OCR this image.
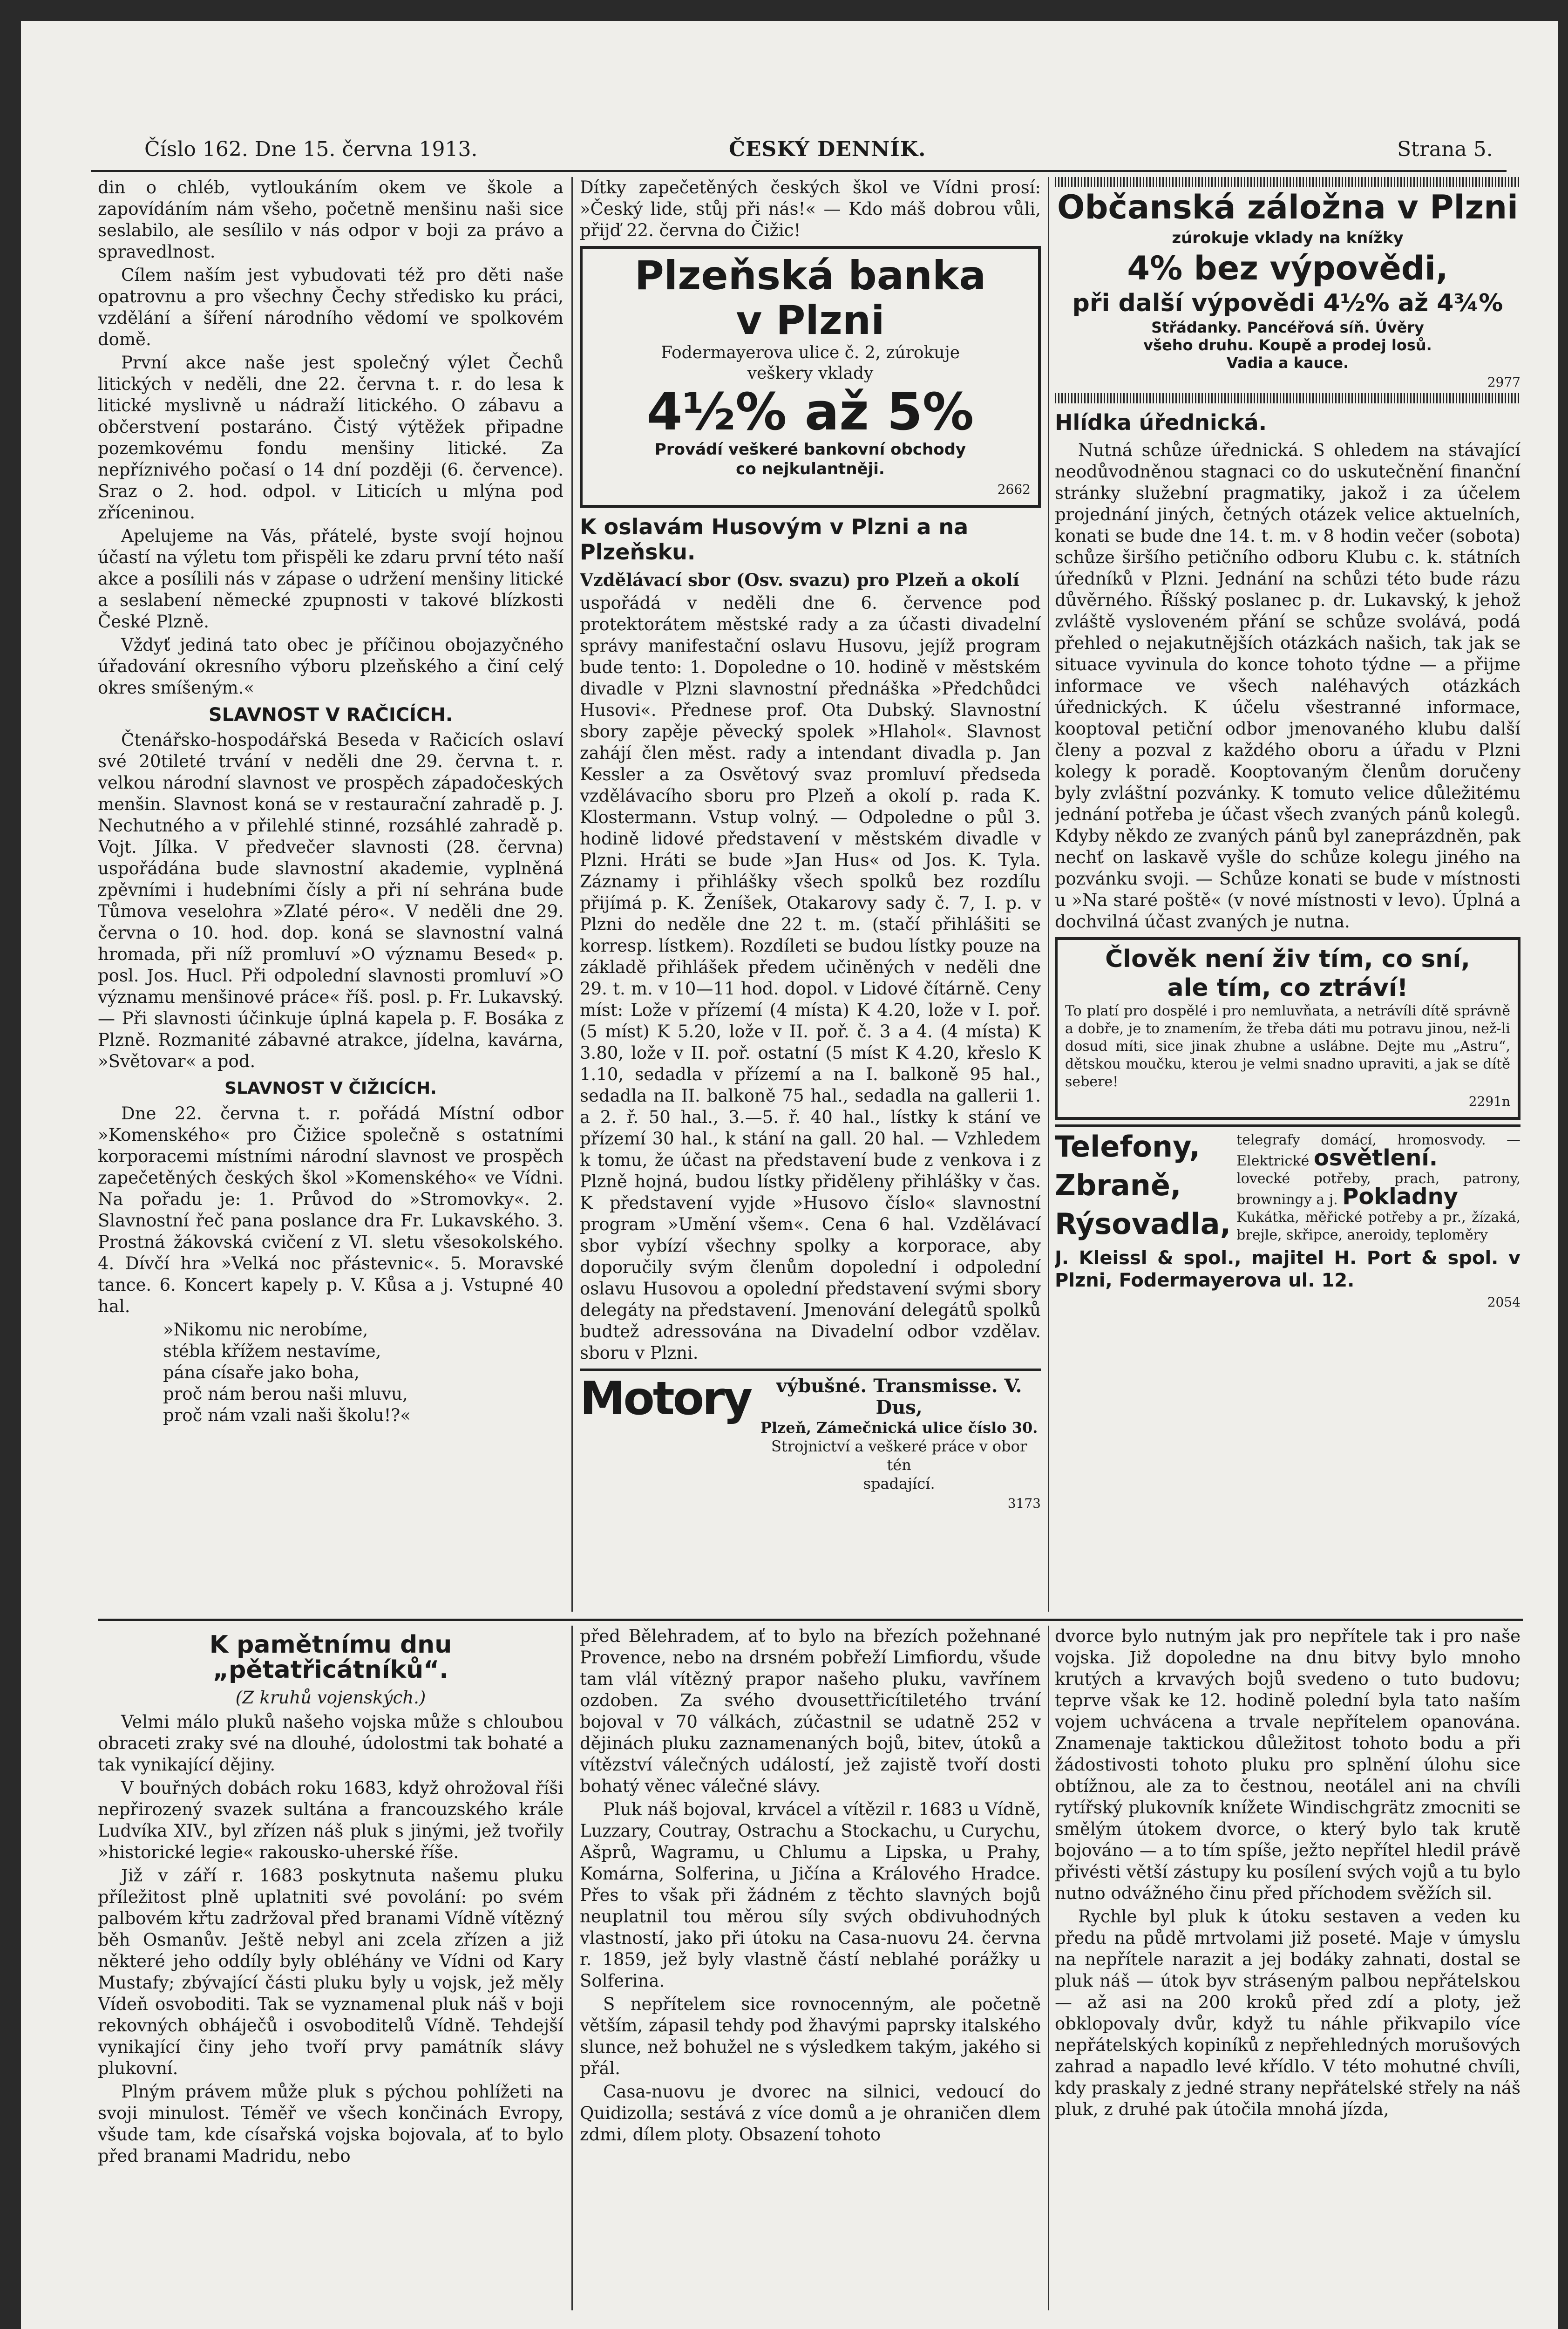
Číslo 162. Dne 15. června 1913.	ČESKÝ DENNÍK.	Strana 5.

din o chléb, vytloukáním okem ve škole a zapovídáním nám všeho, početně menšinu naši sice seslabilo, ale sesílilo v nás odpor v boji za právo a spravedlnost.

Cílem naším jest vybudovati též pro děti naše opatrovnu a pro všechny Čechy středisko ku práci, vzdělání a šíření národního vědomí ve spolkovém domě.

První akce naše jest společný výlet Čechů litických v neděli, dne 22. června t. r. do lesa k litické myslivně u nádraží litického. O zábavu a občerstvení postaráno. Čistý výtěžek připadne pozemkovému fondu menšiny litické. Za nepříznivého počasí o 14 dní později (6. července). Sraz o 2. hod. odpol. v Liticích u mlýna pod zříceninou.

Apelujeme na Vás, přátelé, byste svojí hojnou účastí na výletu tom přispěli ke zdaru první této naší akce a posílili nás v zápase o udržení menšiny litické a seslabení německé zpupnosti v takové blízkosti České Plzně.

Vždyť jediná tato obec je příčinou obojazyčného úřadování okresního výboru plzeňského a činí celý okres smíšeným.«

SLAVNOST V RAČICÍCH.

Čtenářsko-hospodářská Beseda v Račicích oslaví své 20tileté trvání v neděli dne 29. června t. r. velkou národní slavnost ve prospěch západočeských menšin. Slavnost koná se v restaurační zahradě p. J. Nechutného a v přilehlé stinné, rozsáhlé zahradě p. Vojt. Jílka. V předvečer slavnosti (28. června) uspořádána bude slavnostní akademie, vyplněná zpěvními i hudebními čísly a při ní sehrána bude Tůmova veselohra »Zlaté péro«. V neděli dne 29. června o 10. hod. dop. koná se slavnostní valná hromada, při níž promluví »O významu Besed« p. posl. Jos. Hucl. Při odpolední slavnosti promluví »O významu menšinové práce« říš. posl. p. Fr. Lukavský. — Při slavnosti účinkuje úplná kapela p. F. Bosáka z Plzně. Rozmanité zábavné atrakce, jídelna, kavárna, »Světovar« a pod.

SLAVNOST V ČIŽICÍCH.

Dne 22. června t. r. pořádá Místní odbor »Komenského« pro Čižice společně s ostatními korporacemi místními národní slavnost ve prospěch zapečetěných českých škol »Komenského« ve Vídni. Na pořadu je: 1. Průvod do »Stromovky«. 2. Slavnostní řeč pana poslance dra Fr. Lukavského. 3. Prostná žákovská cvičení z VI. sletu všesokolského. 4. Dívčí hra »Velká noc přástevnic«. 5. Moravské tance. 6. Koncert kapely p. V. Kůsa a j. Vstupné 40 hal.

»Nikomu nic nerobíme,
stébla křížem nestavíme,
pána císaře jako boha,
proč nám berou naši mluvu,
proč nám vzali naši školu!?«

Dítky zapečetěných českých škol ve Vídni prosí: »Český lide, stůj při nás!« — Kdo máš dobrou vůli, přijď 22. června do Čižic!

Plzeňská banka
v Plzni
Fodermayerova ulice č. 2, zúrokuje
veškery vklady
4½% až 5%
Provádí veškeré bankovní obchody
co nejkulantněji.
2662
K oslavám Husovým v Plzni a na Plzeňsku.

Vzdělávací sbor (Osv. svazu) pro Plzeň a okolí

uspořádá v neděli dne 6. července pod protektorátem městské rady a za účasti divadelní správy manifestační oslavu Husovu, jejíž program bude tento: 1. Dopoledne o 10. hodině v městském divadle v Plzni slavnostní přednáška »Předchůdci Husovi«. Přednese prof. Ota Dubský. Slavnostní sbory zapěje pěvecký spolek »Hlahol«. Slavnost zahájí člen měst. rady a intendant divadla p. Jan Kessler a za Osvětový svaz promluví předseda vzdělávacího sboru pro Plzeň a okolí p. rada K. Klostermann. Vstup volný. — Odpoledne o půl 3. hodině lidové představení v městském divadle v Plzni. Hráti se bude »Jan Hus« od Jos. K. Tyla. Záznamy i přihlášky všech spolků bez rozdílu přijímá p. K. Ženíšek, Otakarovy sady č. 7, I. p. v Plzni do neděle dne 22 t. m. (stačí přihlášiti se korresp. lístkem). Rozdíleti se budou lístky pouze na základě přihlášek předem učiněných v neděli dne 29. t. m. v 10—11 hod. dopol. v Lidové čítárně. Ceny míst: Lože v přízemí (4 místa) K 4.20, lože v I. poř. (5 míst) K 5.20, lože v II. poř. č. 3 a 4. (4 místa) K 3.80, lože v II. poř. ostatní (5 míst K 4.20, křeslo K 1.10, sedadla v přízemí a na I. balkoně 95 hal., sedadla na II. balkoně 75 hal., sedadla na gallerii 1. a 2. ř. 50 hal., 3.—5. ř. 40 hal., lístky k stání ve přízemí 30 hal., k stání na gall. 20 hal. — Vzhledem k tomu, že účast na představení bude z venkova i z Plzně hojná, budou lístky přiděleny přihlášky v čas. K představení vyjde »Husovo číslo« slavnostní program »Umění všem«. Cena 6 hal. Vzdělávací sbor vybízí všechny spolky a korporace, aby doporučily svým členům dopolední i odpolední oslavu Husovou a opolední představení svými sbory delegáty na představení. Jmenování delegátů spolků budtež adressována na Divadelní odbor vzdělav. sboru v Plzni.

Motory	výbušné. Transmisse. V. Dus,
Plzeň, Zámečnická ulice číslo 30.
Strojnictví a veškeré práce v obor tén
spadající.
3173
Občanská záložna v Plzni
zúrokuje vklady na knížky
4% bez výpovědi,
při další výpovědi 4½% až 4¾%
Střádanky. Pancéřová síň. Úvěry
všeho druhu. Koupě a prodej losů.
Vadia a kauce.
2977
Hlídka úřednická.

Nutná schůze úřednická. S ohledem na stávající neodůvodněnou stagnaci co do uskutečnění finanční stránky služební pragmatiky, jakož i za účelem projednání jiných, četných otázek velice aktuelních, konati se bude dne 14. t. m. v 8 hodin večer (sobota) schůze širšího petičního odboru Klubu c. k. státních úředníků v Plzni. Jednání na schůzi této bude rázu důvěrného. Říšský poslanec p. dr. Lukavský, k jehož zvláště vysloveném přání se schůze svolává, podá přehled o nejakutnějších otázkách našich, tak jak se situace vyvinula do konce tohoto týdne — a přijme informace ve všech naléhavých otázkách úřednických. K účelu všestranné informace, kooptoval petiční odbor jmenovaného klubu další členy a pozval z každého oboru a úřadu v Plzni kolegy k poradě. Kooptovaným členům doručeny byly zvláštní pozvánky. K tomuto velice důležitému jednání potřeba je účast všech zvaných pánů kolegů. Kdyby někdo ze zvaných pánů byl zaneprázdněn, pak nechť on laskavě vyšle do schůze kolegu jiného na pozvánku svoji. — Schůze konati se bude v místnosti u »Na staré poště« (v nové místnosti v levo). Úplná a dochvilná účast zvaných je nutna.

Člověk není živ tím, co sní,
ale tím, co ztráví!
To platí pro dospělé i pro nemluvňata, a netrávíli dítě správně a dobře, je to znamením, že třeba dáti mu potravu jinou, než-li dosud míti, sice jinak zhubne a uslábne. Dejte mu „Astru“, dětskou moučku, kterou je velmi snadno upraviti, a jak se dítě sebere!
2291n
Telefony,	telegrafy domácí, hromosvody. — Elektrické osvětlení.
Zbraně,	lovecké potřeby, prach, patrony, browningy a j. Pokladny
Rýsovadla, Kukátka, měřické potřeby a pr., žízaká, brejle, skřipce, aneroidy, teploměry
J. Kleissl & spol., majitel H. Port & spol. v Plzni, Fodermayerova ul. 12.
2054
K pamětnímu dnu „pětatřicátníků“.
(Z kruhů vojenských.)

Velmi málo pluků našeho vojska může s chloubou obraceti zraky své na dlouhé, údolostmi tak bohaté a tak vynikající dějiny.

V bouřných dobách roku 1683, když ohrožoval říši nepřirozený svazek sultána a francouzského krále Ludvíka XIV., byl zřízen náš pluk s jinými, jež tvořily »historické legie« rakousko-uherské říše.

Již v září r. 1683 poskytnuta našemu pluku příležitost plně uplatniti své povolání: po svém palbovém křtu zadržoval před branami Vídně vítězný běh Osmanův. Ještě nebyl ani zcela zřízen a již některé jeho oddíly byly obléhány ve Vídni od Kary Mustafy; zbývající části pluku byly u vojsk, jež měly Vídeň osvoboditi. Tak se vyznamenal pluk náš v boji rekovných obháječů i osvoboditelů Vídně. Tehdejší vynikající činy jeho tvoří prvy památník slávy plukovní.

Plným právem může pluk s pýchou pohlížeti na svoji minulost. Téměř ve všech končinách Evropy, všude tam, kde císařská vojska bojovala, ať to bylo před branami Madridu, nebo

před Bělehradem, ať to bylo na březích požehnané Provence, nebo na drsném pobřeží Limfiordu, všude tam vlál vítězný prapor našeho pluku, vavřínem ozdoben. Za svého dvousettřicítiletého trvání bojoval v 70 válkách, zúčastnil se udatně 252 v dějinách pluku zaznamenaných bojů, bitev, útoků a vítězství válečných událostí, jež zajistě tvoří dosti bohatý věnec válečné slávy.

Pluk náš bojoval, krvácel a vítězil r. 1683 u Vídně, Luzzary, Coutray, Ostrachu a Stockachu, u Curychu, Ašprů, Wagramu, u Chlumu a Lipska, u Prahy, Komárna, Solferina, u Jičína a Králového Hradce. Přes to však při žádném z těchto slavných bojů neuplatnil tou měrou síly svých obdivuhodných vlastností, jako při útoku na Casa-nuovu 24. června r. 1859, jež byly vlastně částí neblahé porážky u Solferina.

S nepřítelem sice rovnocenným, ale početně větším, zápasil tehdy pod žhavými paprsky italského slunce, než bohužel ne s výsledkem takým, jakého si přál.

Casa-nuovu je dvorec na silnici, vedoucí do Quidizolla; sestává z více domů a je ohraničen dlem zdmi, dílem ploty. Obsazení tohoto

dvorce bylo nutným jak pro nepřítele tak i pro naše vojska. Již dopoledne na dnu bitvy bylo mnoho krutých a krvavých bojů svedeno o tuto budovu; teprve však ke 12. hodině polední byla tato naším vojem uchvácena a trvale nepřítelem opanována. Znamenaje taktickou důležitost tohoto bodu a při žádostivosti tohoto pluku pro splnění úlohu sice obtížnou, ale za to čestnou, neotálel ani na chvíli rytířský plukovník knížete Windischgrätz zmocniti se smělým útokem dvorce, o který bylo tak krutě bojováno — a to tím spíše, ježto nepřítel hledil právě přivésti větší zástupy ku posílení svých vojů a tu bylo nutno odvážného činu před příchodem svěžích sil.

Rychle byl pluk k útoku sestaven a veden ku předu na půdě mrtvolami již poseté. Maje v úmyslu na nepřítele narazit a jej bodáky zahnati, dostal se pluk náš — útok byv stráseným palbou nepřátelskou — až asi na 200 kroků před zdí a ploty, jež obklopovaly dvůr, když tu náhle přikvapilo více nepřátelských kopiníků z nepřehledných morušových zahrad a napadlo levé křídlo. V této mohutné chvíli, kdy praskaly z jedné strany nepřátelské střely na náš pluk, z druhé pak útočila mnohá jízda,
